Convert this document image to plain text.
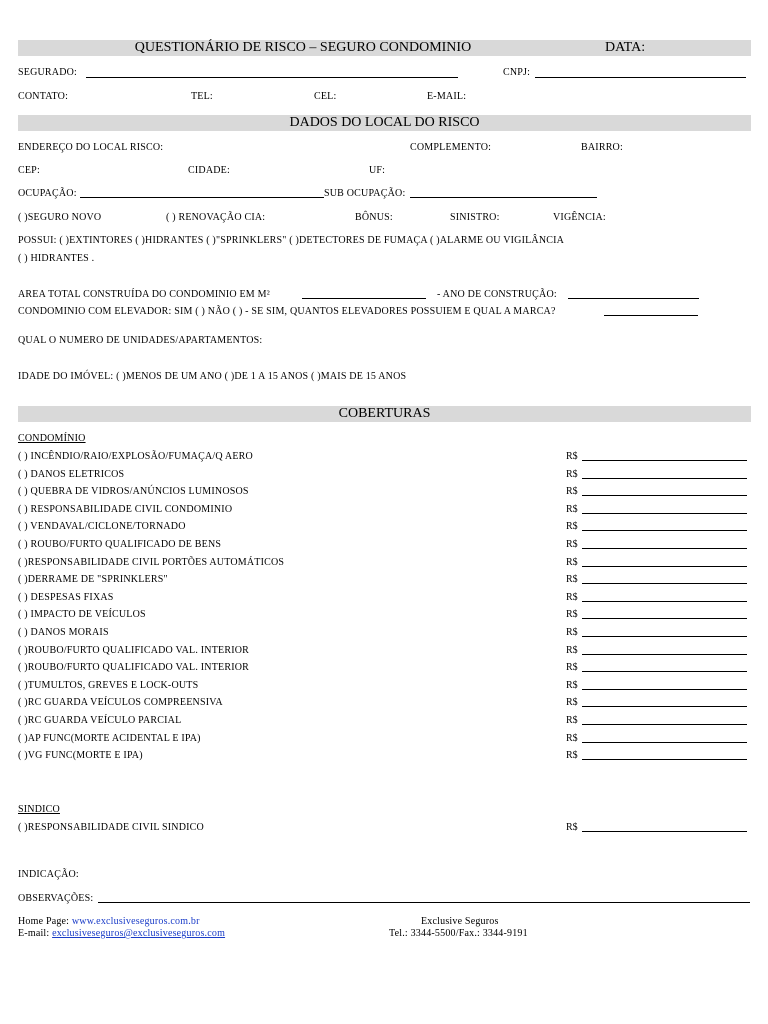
QUESTIONÁRIO DE RISCO – SEGURO CONDOMINIO	DATA:
SEGURADO:	CNPJ:
CONTATO:	TEL:	CEL:	E-MAIL:
DADOS DO LOCAL DO RISCO
ENDEREÇO DO LOCAL RISCO:	COMPLEMENTO:	BAIRRO:
CEP:	CIDADE:	UF:
OCUPAÇÃO:	SUB OCUPAÇÃO:
( )SEGURO NOVO	( ) RENOVAÇÃO CIA:	BÔNUS:	SINISTRO:	VIGÊNCIA:
POSSUI: ( )EXTINTORES ( )HIDRANTES ( )"SPRINKLERS" ( )DETECTORES DE FUMAÇA ( )ALARME OU VIGILÂNCIA
( ) HIDRANTES .
AREA TOTAL CONSTRUÍDA DO CONDOMINIO EM M²	- ANO DE CONSTRUÇÃO:
CONDOMINIO COM ELEVADOR: SIM ( ) NÃO ( ) - SE SIM, QUANTOS ELEVADORES POSSUIEM E QUAL A MARCA?
QUAL O NUMERO DE UNIDADES/APARTAMENTOS:
IDADE DO IMÓVEL: ( )MENOS DE UM ANO ( )DE 1 A 15 ANOS ( )MAIS DE 15 ANOS
COBERTURAS
CONDOMÍNIO
( ) INCÊNDIO/RAIO/EXPLOSÃO/FUMAÇA/Q AERO	R$
( ) DANOS ELETRICOS	R$
( ) QUEBRA DE VIDROS/ANÚNCIOS LUMINOSOS	R$
( ) RESPONSABILIDADE CIVIL CONDOMINIO	R$
( ) VENDAVAL/CICLONE/TORNADO	R$
( ) ROUBO/FURTO QUALIFICADO DE BENS	R$
( )RESPONSABILIDADE CIVIL PORTÕES AUTOMÁTICOS	R$
( )DERRAME DE "SPRINKLERS"	R$
( ) DESPESAS FIXAS	R$
( ) IMPACTO DE VEÍCULOS	R$
( ) DANOS MORAIS	R$
( )ROUBO/FURTO QUALIFICADO VAL. INTERIOR	R$
( )ROUBO/FURTO QUALIFICADO VAL. INTERIOR	R$
( )TUMULTOS, GREVES E LOCK-OUTS	R$
( )RC GUARDA VEÍCULOS COMPREENSIVA	R$
( )RC GUARDA VEÍCULO PARCIAL	R$
( )AP FUNC(MORTE ACIDENTAL E IPA)	R$
( )VG FUNC(MORTE E IPA)	R$
SINDICO
( )RESPONSABILIDADE CIVIL SINDICO	R$
INDICAÇÃO:
OBSERVAÇÕES:
Home Page: www.exclusiveseguros.com.br
E-mail: exclusiveseguros@exclusiveseguros.com
Exclusive Seguros
Tel.: 3344-5500/Fax.: 3344-9191
